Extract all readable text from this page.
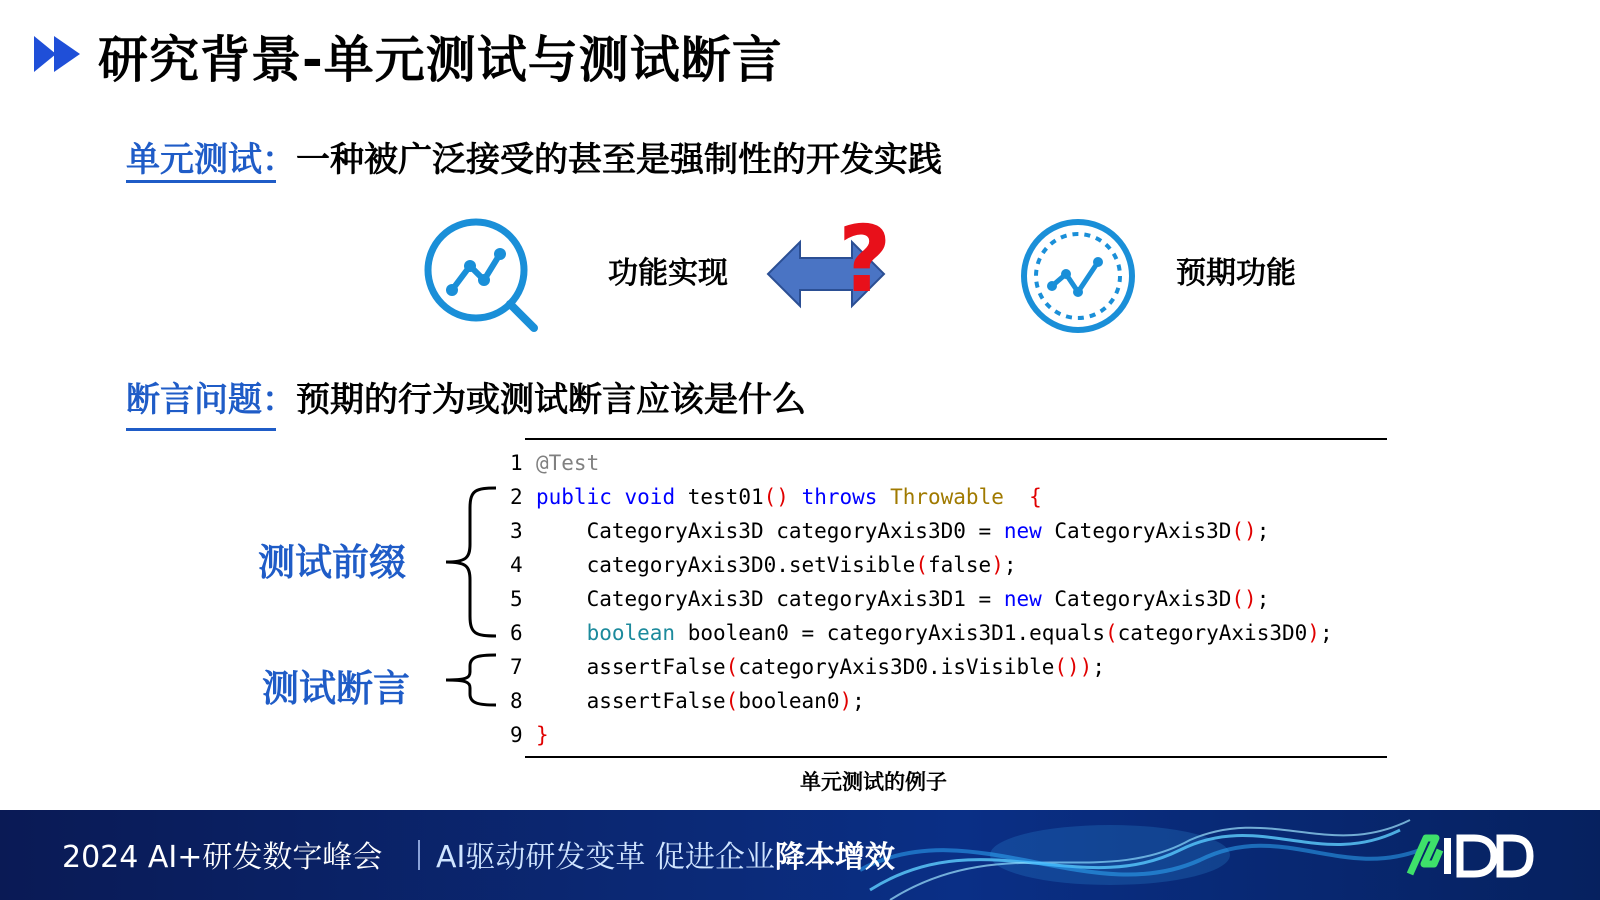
研究背景-单元测试与测试断言
单元测试：一种被广泛接受的甚至是强制性的开发实践
功能实现 ?	预期功能
断言问题：预期的行为或测试断言应该是什么
1 @Test
2 public void test01() throws Throwable {
3	CategoryAxis3D categoryAxis3D0 = new CategoryAxis3D();
4	categoryAxis3D0.setVisible(false);
5	CategoryAxis3D categoryAxis3D1 = new CategoryAxis3D();
6	boolean boolean0 = categoryAxis3D1.equals(categoryAxis3D0);
7	assertFalse(categoryAxis3D0.isVisible());
8	assertFalse(boolean0);
9 }
单元测试的例子
测试前缀
测试断言
2024 AI+研发数字峰会 AI驱动研发变革 促进企业降本增效
